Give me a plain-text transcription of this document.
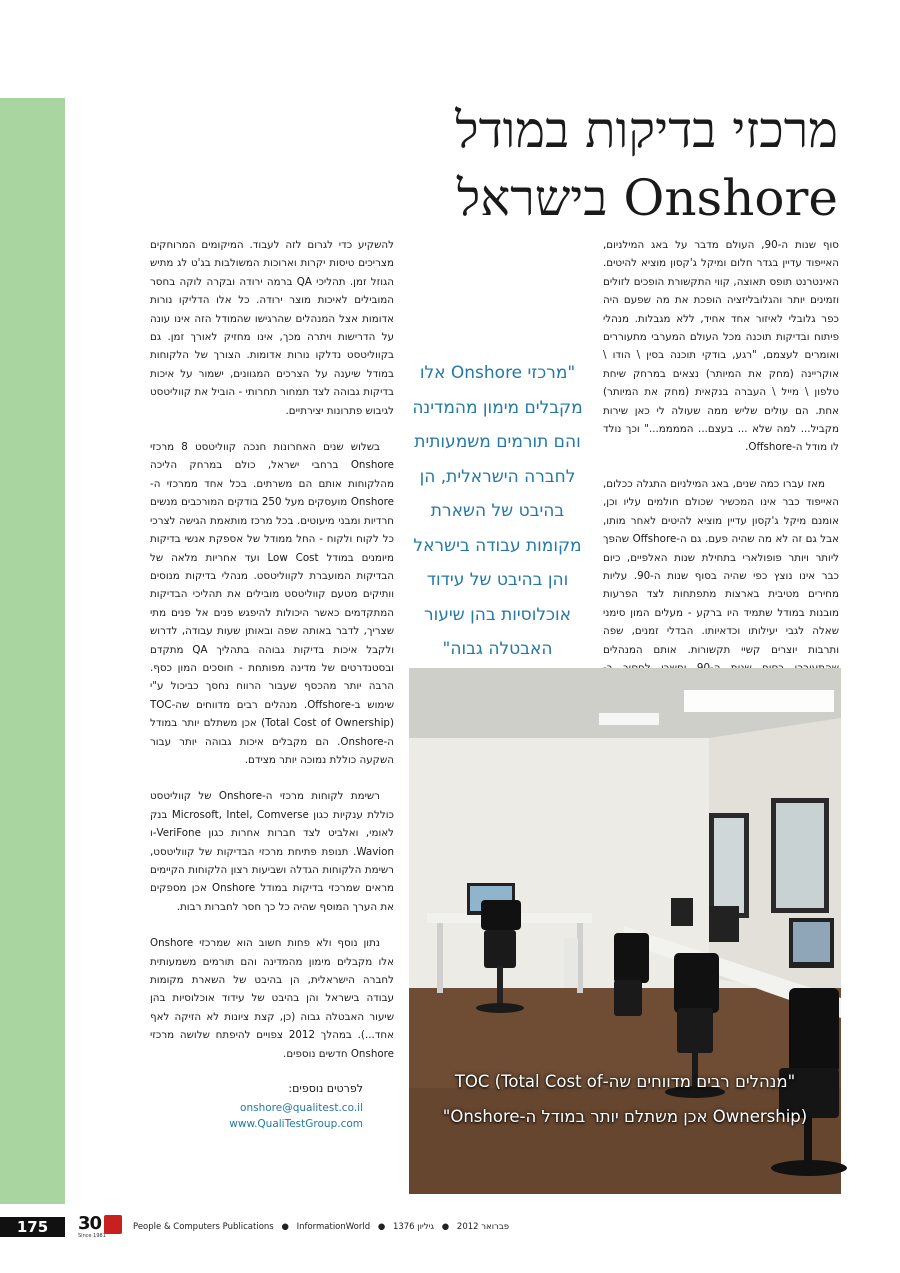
מרכזי בדיקות במודל
Onshore בישראל

סוף שנות ה-90, העולם מדבר על באג המילניום, האייפוד עדיין בגדר חלום ומיקל ג'קסון מוציא להיטים. האינטרנט תופס תאוצה, קווי התקשורת הופכים לזולים וזמינים יותר והגלובליזציה הופכת את מה שפעם היה כפר גלובלי לאיזור אחד אחיד, ללא מגבלות. מנהלי פיתוח ובדיקות תוכנה מכל העולם המערבי מתעוררים ואומרים לעצמם, "רגע, בודקי תוכנה בסין \ הודו \ אוקריינה (מחק את המיותר) נצאים במרחק שיחת טלפון \ מייל \ העברה בנקאית (מחק את המיותר) אחת. הם עולים שליש ממה שעולה לי כאן שירות מקביל... למה שלא ... בעצם... הממממ..." וכך נולד לו מודל ה-Offshore.

מאז עברו כמה שנים, באג המילניום התגלה ככלום, האייפוד כבר אינו המכשיר שכולם חולמים עליו וכן, אומנם מיקל ג'קסון עדיין מוציא להיטים לאחר מותו, אבל גם זה לא מה שהיה פעם. גם ה-Offshore שהפך ליותר ויותר פופולארי בתחילת שנות האלפיים, כיום כבר אינו נוצץ כפי שהיה בסוף שנות ה-90. עליות מחירים מטיבית בארצות מתפתחות לצד הפרעות מובנות במודל שתמיד היו ברקע - מעלים המון סימני שאלה לגבי יעילותו וכדאיותו. הבדלי זמנים, שפה ותרבות יוצרים קשיי תקשורות. אותם המנהלים

"מרכזי Onshore אלו מקבלים מימון מהמדינה והם תורמים משמעותית לחברה הישראלית, הן בהיבט של השארת מקומות עבודה בישראל והן בהיבט של עידוד אוכלוסיות בהן שיעור האבטלה גבוה"

להשקיע כדי לגרום לזה לעבוד. המיקומים המרוחקים מצריכים טיסות יקרות וארוכות המשולבות בג'ט לג מתיש הגוזל זמן. תהליכי QA ברמה ירודה ובקרה לוקה בחסר המובילים לאיכות מוצר ירודה. כל אלו הדליקו נורות אדומות אצל המנהלים שהרגישו שהמודל הזה אינו עונה על הדרישות ויתרה מכך, אינו מחזיק לאורך זמן. גם בקווליטסט נדלקו נורות אדומות. הצורך של הלקוחות במודל שיענה על הצרכים המגוונים, ישמור על איכות בדיקות גבוהה לצד תמחור תחרותי - הוביל את קווליטסט לגיבוש פתרונות יצירתיים.

בשלוש שנים האחרונות חנכה קווליטסט 8 מרכזי Onshore ברחבי ישראל, כולם במרחק הליכה מהלקוחות אותם הם משרתים. בכל אחד ממרכזי ה-Onshore מועסקים מעל 250 בודקים המורכבים מנשים חרדיות ומבני מיעוטים. בכל מרכז מותאמת הגישה לצרכי כל לקוח ולקוח - החל ממודל של אספקת אנשי בדיקות מיומנים במודל Low Cost ועד אחריות מלאה של הבדיקות המועברת לקווליטסט. מנהלי בדיקות מנוסים וותיקים מטעם קווליטסט מובילים את תהליכי הבדיקות המתקדמים כאשר היכולות להיפגש פנים אל פנים מתי שצריך, לדבר באותה שפה ובאותן שעות עבודה, לדרוש ולקבל איכות בדיקות גבוהה בתהליך QA מתקדם ובסטנדרטים של מדינה מפותחת - חוסכים המון כסף. הרבה יותר מהכסף שעבור הרווח נחסך כביכול ע"י שימוש ב-Offshore. מנהלים רבים מדווחים שה-TOC (Total Cost of Ownership) אכן משתלם יותר במודל ה-Onshore. הם מקבלים איכות גבוהה יותר עבור השקעה כוללת נמוכה יותר מצידם.

רשימת לקוחות מרכזי ה-Onshore של קווליטסט כוללת ענקיות כגון Microsoft, Intel, Comverse בנק לאומי, ואלביט לצד חברות אחרות כגון VeriFone-ו Wavion. תנופת פתיחת מרכזי הבדיקות של קווליטסט, רשימת הלקוחות הגדלה ושביעות רצון הלקוחות הקיימים מראים שמרכזי בדיקות במודל Onshore אכן מספקים את הערך המוסף שהיה כל כך חסר לחברות רבות.

נתון נוסף ולא פחות חשוב הוא שמרכזי Onshore אלו מקבלים מימון מהמדינה והם תורמים משמעותית לחברה הישראלית, הן בהיבט של השארת מקומות עבודה בישראל והן בהיבט של עידוד אוכלוסיות בהן שיעור האבטלה גבוה (כן, קצת ציונות לא הזיקה לאף אחד...). במהלך 2012 צפויים להיפתח שלושה מרכזי Onshore חדשים נוספים.

לפרטים נוספים:
onshore@qualitest.co.il
www.QualiTestGroup.com
"מנהלים רבים מדווחים שה-TOC (Total Cost of Ownership) אכן משתלם יותר במודל ה-Onshore"
175	30
Since 1981
People & Computers Publications ● InformationWorld ●	פברואר 2012 ● גיליון 1376
